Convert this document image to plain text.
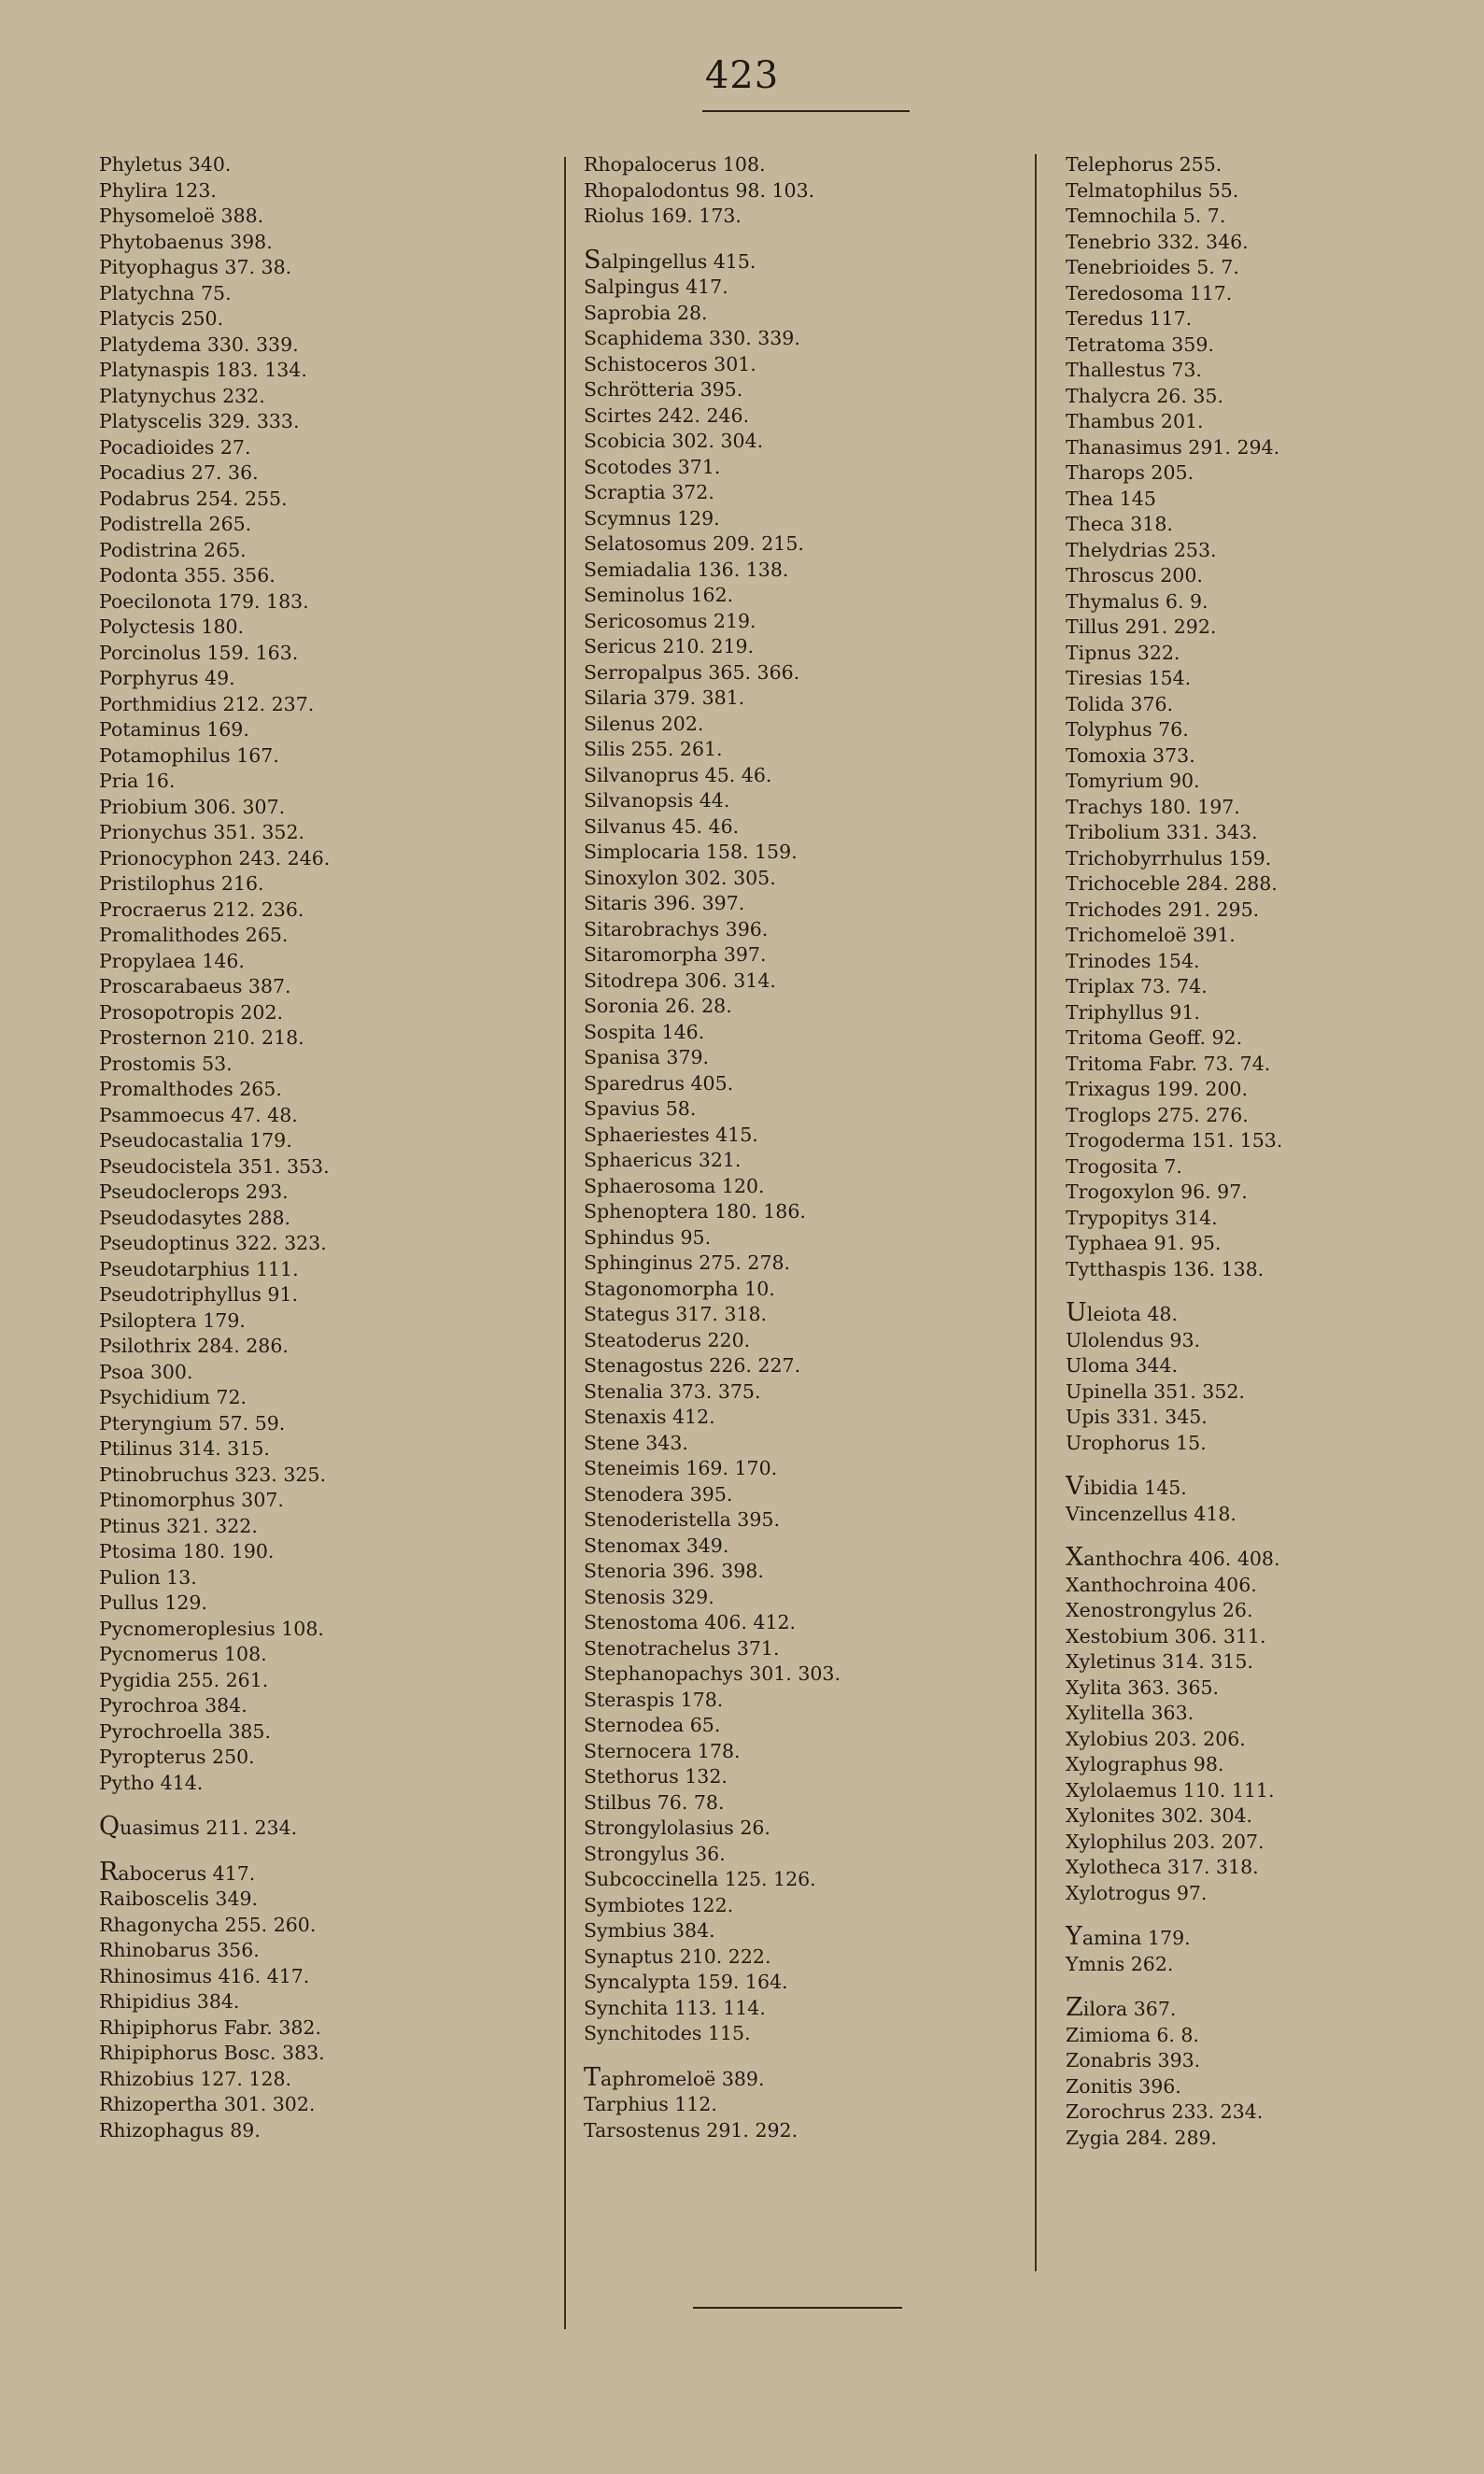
423
Phyletus 340.
Phylira 123.
Physomeloë 388.
Phytobaenus 398.
Pityophagus 37. 38.
Platychna 75.
Platycis 250.
Platydema 330. 339.
Platynaspis 183. 134.
Platynychus 232.
Platyscelis 329. 333.
Pocadioides 27.
Pocadius 27. 36.
Podabrus 254. 255.
Podistrella 265.
Podistrina 265.
Podonta 355. 356.
Poecilonota 179. 183.
Polyctesis 180.
Porcinolus 159. 163.
Porphyrus 49.
Porthmidius 212. 237.
Potaminus 169.
Potamophilus 167.
Pria 16.
Priobium 306. 307.
Prionychus 351. 352.
Prionocyphon 243. 246.
Pristilophus 216.
Procraerus 212. 236.
Promalithodes 265.
Propylaea 146.
Proscarabaeus 387.
Prosopotropis 202.
Prosternon 210. 218.
Prostomis 53.
Promalthodes 265.
Psammoecus 47. 48.
Pseudocastalia 179.
Pseudocistela 351. 353.
Pseudoclerops 293.
Pseudodasytes 288.
Pseudoptinus 322. 323.
Pseudotarphius 111.
Pseudotriphyllus 91.
Psiloptera 179.
Psilothrix 284. 286.
Psoa 300.
Psychidium 72.
Pteryngium 57. 59.
Ptilinus 314. 315.
Ptinobruchus 323. 325.
Ptinomorphus 307.
Ptinus 321. 322.
Ptosima 180. 190.
Pulion 13.
Pullus 129.
Pycnomeroplesius 108.
Pycnomerus 108.
Pygidia 255. 261.
Pyrochroa 384.
Pyrochroella 385.
Pyropterus 250.
Pytho 414.
Quasimus 211. 234.
Rabocerus 417.
Raiboscelis 349.
Rhagonycha 255. 260.
Rhinobarus 356.
Rhinosimus 416. 417.
Rhipidius 384.
Rhipiphorus Fabr. 382.
Rhipiphorus Bosc. 383.
Rhizobius 127. 128.
Rhizopertha 301. 302.
Rhizophagus 89.
Rhopalocerus 108.
Rhopalodontus 98. 103.
Riolus 169. 173.
Salpingellus 415.
Salpingus 417.
Saprobia 28.
Scaphidema 330. 339.
Schistoceros 301.
Schrötteria 395.
Scirtes 242. 246.
Scobicia 302. 304.
Scotodes 371.
Scraptia 372.
Scymnus 129.
Selatosomus 209. 215.
Semiadalia 136. 138.
Seminolus 162.
Sericosomus 219.
Sericus 210. 219.
Serropalpus 365. 366.
Silaria 379. 381.
Silenus 202.
Silis 255. 261.
Silvanoprus 45. 46.
Silvanopsis 44.
Silvanus 45. 46.
Simplocaria 158. 159.
Sinoxylon 302. 305.
Sitaris 396. 397.
Sitarobrachys 396.
Sitaromorpha 397.
Sitodrepa 306. 314.
Soronia 26. 28.
Sospita 146.
Spanisa 379.
Sparedrus 405.
Spavius 58.
Sphaeriestes 415.
Sphaericus 321.
Sphaerosoma 120.
Sphenoptera 180. 186.
Sphindus 95.
Sphinginus 275. 278.
Stagonomorpha 10.
Stategus 317. 318.
Steatoderus 220.
Stenagostus 226. 227.
Stenalia 373. 375.
Stenaxis 412.
Stene 343.
Steneimis 169. 170.
Stenodera 395.
Stenoderistella 395.
Stenomax 349.
Stenoria 396. 398.
Stenosis 329.
Stenostoma 406. 412.
Stenotrachelus 371.
Stephanopachys 301. 303.
Steraspis 178.
Sternodea 65.
Sternocera 178.
Stethorus 132.
Stilbus 76. 78.
Strongylolasius 26.
Strongylus 36.
Subcoccinella 125. 126.
Symbiotes 122.
Symbius 384.
Synaptus 210. 222.
Syncalypta 159. 164.
Synchita 113. 114.
Synchitodes 115.
Taphromeloë 389.
Tarphius 112.
Tarsostenus 291. 292.
Telephorus 255.
Telmatophilus 55.
Temnochila 5. 7.
Tenebrio 332. 346.
Tenebrioides 5. 7.
Teredosoma 117.
Teredus 117.
Tetratoma 359.
Thallestus 73.
Thalycra 26. 35.
Thambus 201.
Thanasimus 291. 294.
Tharops 205.
Thea 145
Theca 318.
Thelydrias 253.
Throscus 200.
Thymalus 6. 9.
Tillus 291. 292.
Tipnus 322.
Tiresias 154.
Tolida 376.
Tolyphus 76.
Tomoxia 373.
Tomyrium 90.
Trachys 180. 197.
Tribolium 331. 343.
Trichobyrrhulus 159.
Trichoceble 284. 288.
Trichodes 291. 295.
Trichomeloë 391.
Trinodes 154.
Triplax 73. 74.
Triphyllus 91.
Tritoma Geoff. 92.
Tritoma Fabr. 73. 74.
Trixagus 199. 200.
Troglops 275. 276.
Trogoderma 151. 153.
Trogosita 7.
Trogoxylon 96. 97.
Trypopitys 314.
Typhaea 91. 95.
Tytthaspis 136. 138.
Uleiota 48.
Ulolendus 93.
Uloma 344.
Upinella 351. 352.
Upis 331. 345.
Urophorus 15.
Vibidia 145.
Vincenzellus 418.
Xanthochra 406. 408.
Xanthochroina 406.
Xenostrongylus 26.
Xestobium 306. 311.
Xyletinus 314. 315.
Xylita 363. 365.
Xylitella 363.
Xylobius 203. 206.
Xylographus 98.
Xylolaemus 110. 111.
Xylonites 302. 304.
Xylophilus 203. 207.
Xylotheca 317. 318.
Xylotrogus 97.
Yamina 179.
Ymnis 262.
Zilora 367.
Zimioma 6. 8.
Zonabris 393.
Zonitis 396.
Zorochrus 233. 234.
Zygia 284. 289.
